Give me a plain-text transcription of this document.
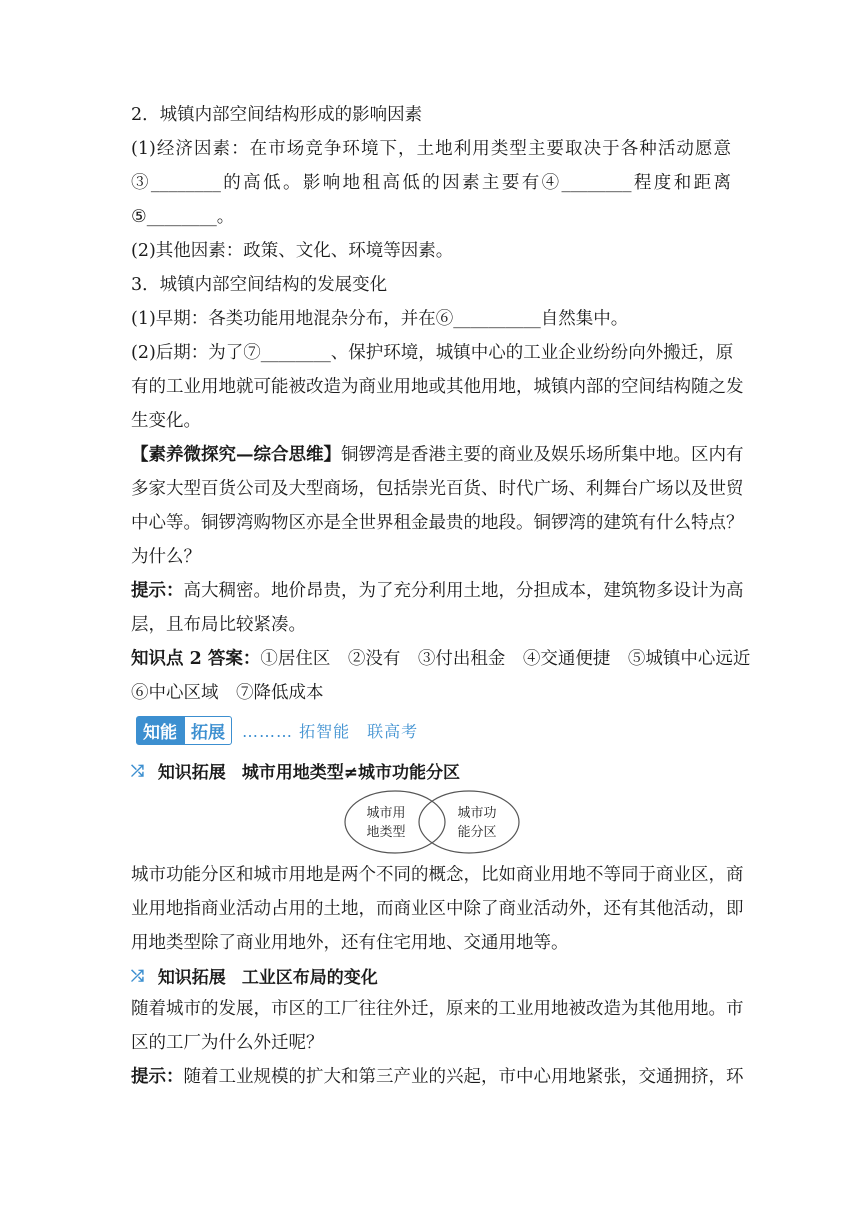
2．城镇内部空间结构形成的影响因素
(1)经济因素：在市场竞争环境下，土地利用类型主要取决于各种活动愿意
③________的高低。影响地租高低的因素主要有④________程度和距离
⑤________。
(2)其他因素：政策、文化、环境等因素。
3．城镇内部空间结构的发展变化
(1)早期：各类功能用地混杂分布，并在⑥__________自然集中。
(2)后期：为了⑦________、保护环境，城镇中心的工业企业纷纷向外搬迁，原
有的工业用地就可能被改造为商业用地或其他用地，城镇内部的空间结构随之发
生变化。
【素养微探究—综合思维】铜锣湾是香港主要的商业及娱乐场所集中地。区内有
多家大型百货公司及大型商场，包括崇光百货、时代广场、利舞台广场以及世贸
中心等。铜锣湾购物区亦是全世界租金最贵的地段。铜锣湾的建筑有什么特点？
为什么？
提示：高大稠密。地价昂贵，为了充分利用土地，分担成本，建筑物多设计为高
层，且布局比较紧凑。
知识点 2 答案：①居住区　②没有　③付出租金　④交通便捷　⑤城镇中心远近
⑥中心区域　⑦降低成本
知能 拓展	……… 拓智能　联高考
⤮ 知识拓展 城市用地类型≠城市功能分区
城市用
地类型
城市功
能分区
城市功能分区和城市用地是两个不同的概念，比如商业用地不等同于商业区，商
业用地指商业活动占用的土地，而商业区中除了商业活动外，还有其他活动，即
用地类型除了商业用地外，还有住宅用地、交通用地等。
⤮ 知识拓展 工业区布局的变化
随着城市的发展，市区的工厂往往外迁，原来的工业用地被改造为其他用地。市
区的工厂为什么外迁呢？
提示：随着工业规模的扩大和第三产业的兴起，市中心用地紧张，交通拥挤，环
